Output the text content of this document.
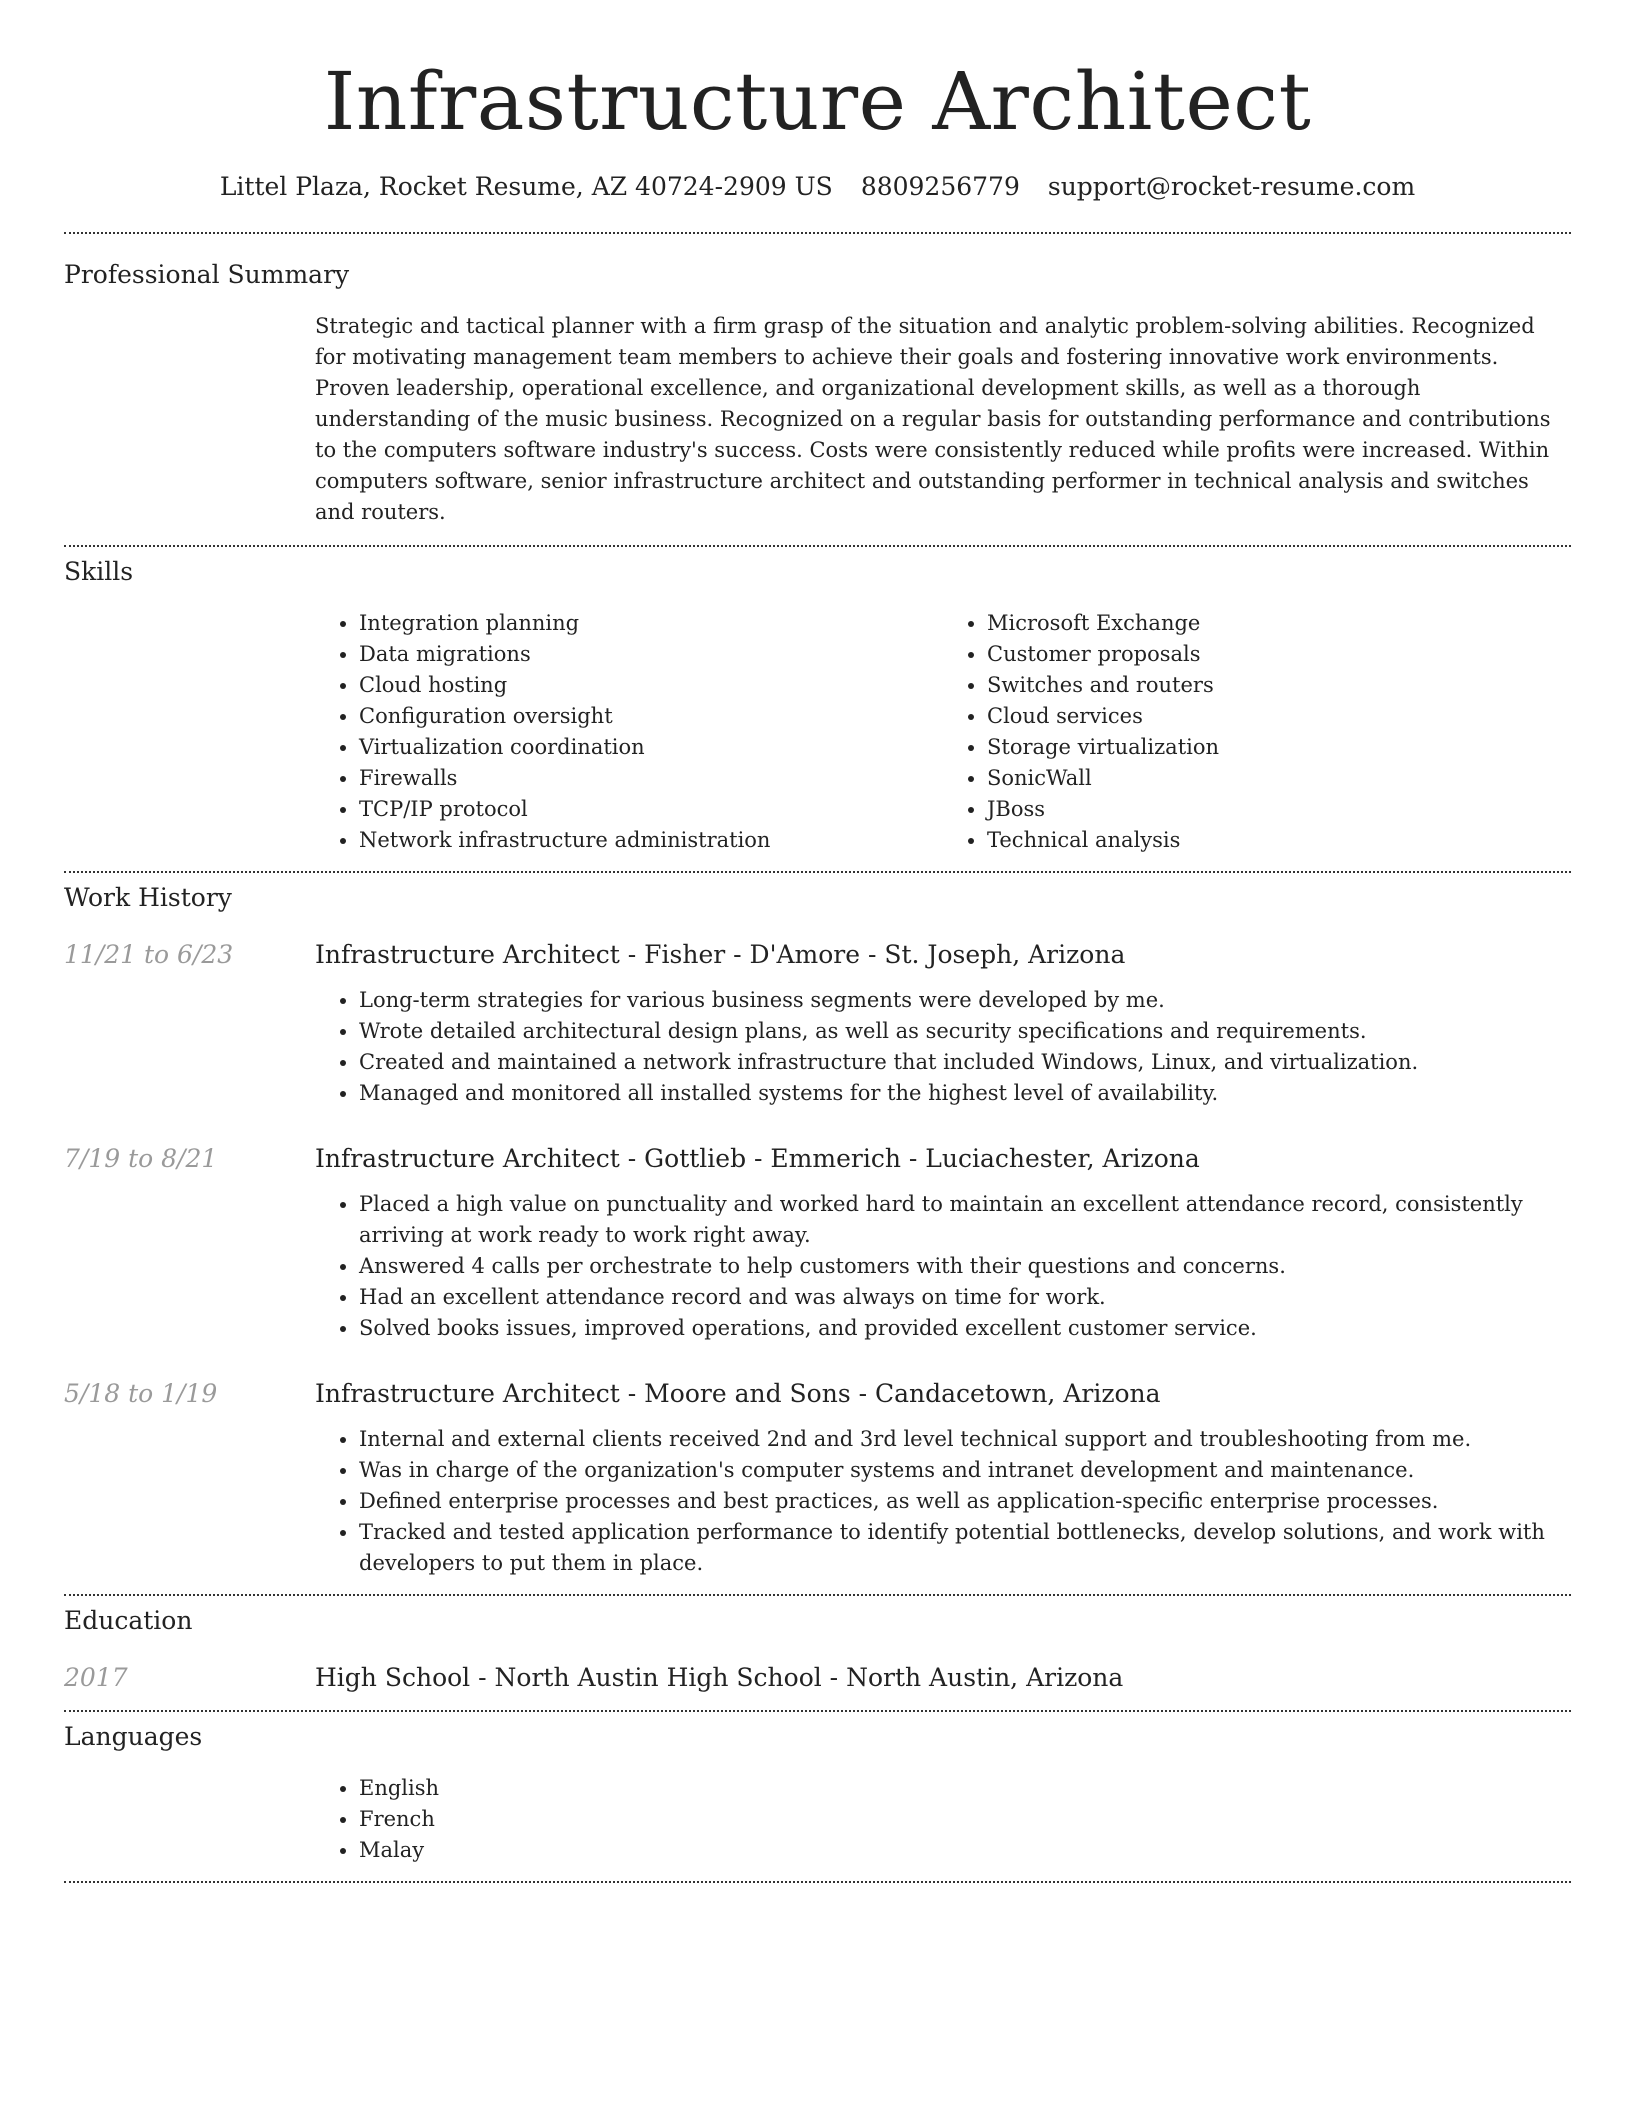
Infrastructure Architect
Littel Plaza, Rocket Resume, AZ 40724-2909 US 8809256779 support@rocket-resume.com
Professional Summary

Strategic and tactical planner with a firm grasp of the situation and analytic problem-solving abilities. Recognized for motivating management team members to achieve their goals and fostering innovative work environments. Proven leadership, operational excellence, and organizational development skills, as well as a thorough understanding of the music business. Recognized on a regular basis for outstanding performance and contributions to the computers software industry's success. Costs were consistently reduced while profits were increased. Within computers software, senior infrastructure architect and outstanding performer in technical analysis and switches and routers.

Skills
• Integration planning
• Data migrations
• Cloud hosting
• Configuration oversight
• Virtualization coordination
• Firewalls
• TCP/IP protocol
• Network infrastructure administration
• Microsoft Exchange
• Customer proposals
• Switches and routers
• Cloud services
• Storage virtualization
• SonicWall
• JBoss
• Technical analysis
Work History
11/21 to 6/23	Infrastructure Architect - Fisher - D'Amore - St. Joseph, Arizona
• Long-term strategies for various business segments were developed by me.
• Wrote detailed architectural design plans, as well as security specifications and requirements.
• Created and maintained a network infrastructure that included Windows, Linux, and virtualization.
• Managed and monitored all installed systems for the highest level of availability.
7/19 to 8/21	Infrastructure Architect - Gottlieb - Emmerich - Luciachester, Arizona
• Placed a high value on punctuality and worked hard to maintain an excellent attendance record, consistently arriving at work ready to work right away.
• Answered 4 calls per orchestrate to help customers with their questions and concerns.
• Had an excellent attendance record and was always on time for work.
• Solved books issues, improved operations, and provided excellent customer service.
5/18 to 1/19	Infrastructure Architect - Moore and Sons - Candacetown, Arizona
• Internal and external clients received 2nd and 3rd level technical support and troubleshooting from me.
• Was in charge of the organization's computer systems and intranet development and maintenance.
• Defined enterprise processes and best practices, as well as application-specific enterprise processes.
• Tracked and tested application performance to identify potential bottlenecks, develop solutions, and work with developers to put them in place.
Education
2017	High School - North Austin High School - North Austin, Arizona
Languages
• English
• French
• Malay
